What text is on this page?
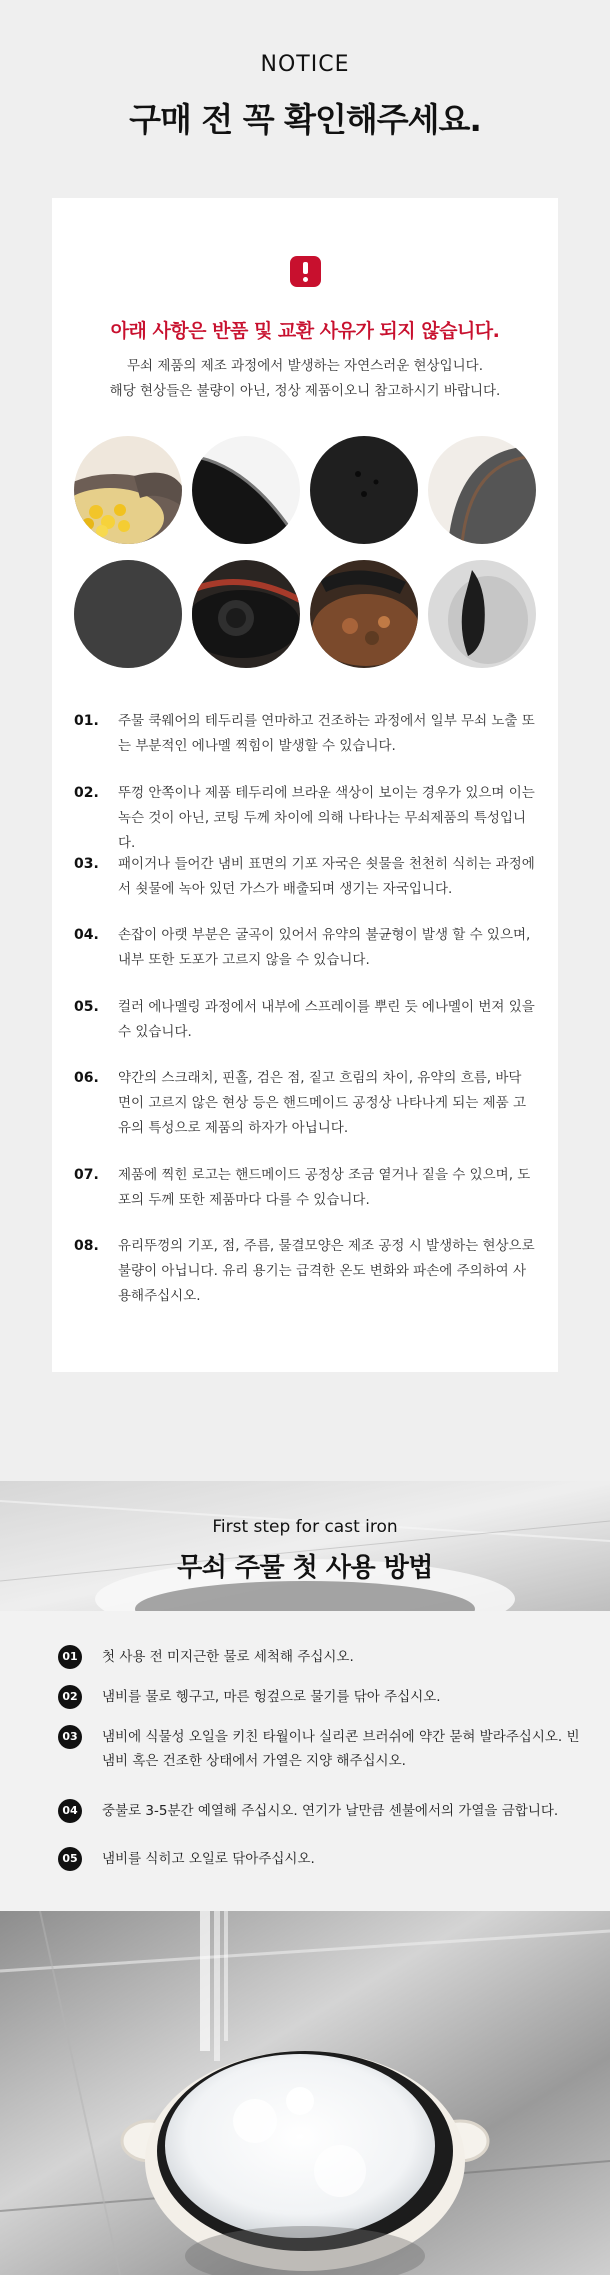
NOTICE
구매 전 꼭 확인해주세요.
아래 사항은 반품 및 교환 사유가 되지 않습니다.
무쇠 제품의 제조 과정에서 발생하는 자연스러운 현상입니다.
해당 현상들은 불량이 아닌, 정상 제품이오니 참고하시기 바랍니다.
01. 주물 쿡웨어의 테두리를 연마하고 건조하는 과정에서 일부 무쇠 노출 또는 부분적인 에나멜 찍힘이 발생할 수 있습니다.
02. 뚜껑 안쪽이나 제품 테두리에 브라운 색상이 보이는 경우가 있으며 이는 녹슨 것이 아닌, 코팅 두께 차이에 의해 나타나는 무쇠제품의 특성입니다.
03. 패이거나 들어간 냄비 표면의 기포 자국은 쇳물을 천천히 식히는 과정에서 쇳물에 녹아 있던 가스가 배출되며 생기는 자국입니다.
04. 손잡이 아랫 부분은 굴곡이 있어서 유약의 불균형이 발생 할 수 있으며, 내부 또한 도포가 고르지 않을 수 있습니다.
05. 컬러 에나멜링 과정에서 내부에 스프레이를 뿌린 듯 에나멜이 번져 있을 수 있습니다.
06. 약간의 스크래치, 핀홀, 검은 점, 짙고 흐림의 차이, 유약의 흐름, 바닥 면이 고르지 않은 현상 등은 핸드메이드 공정상 나타나게 되는 제품 고유의 특성으로 제품의 하자가 아닙니다.
07. 제품에 찍힌 로고는 핸드메이드 공정상 조금 옅거나 짙을 수 있으며, 도포의 두께 또한 제품마다 다를 수 있습니다.
08. 유리뚜껑의 기포, 점, 주름, 물결모양은 제조 공정 시 발생하는 현상으로 불량이 아닙니다. 유리 용기는 급격한 온도 변화와 파손에 주의하여 사용해주십시오.
First step for cast iron
무쇠 주물 첫 사용 방법
01	첫 사용 전 미지근한 물로 세척해 주십시오.
02	냄비를 물로 헹구고, 마른 헝겊으로 물기를 닦아 주십시오.
03	냄비에 식물성 오일을 키친 타월이나 실리콘 브러쉬에 약간 묻혀 발라주십시오. 빈 냄비 혹은 건조한 상태에서 가열은 지양 해주십시오.
04	중불로 3-5분간 예열해 주십시오. 연기가 날만큼 센불에서의 가열을 금합니다.
05	냄비를 식히고 오일로 닦아주십시오.
